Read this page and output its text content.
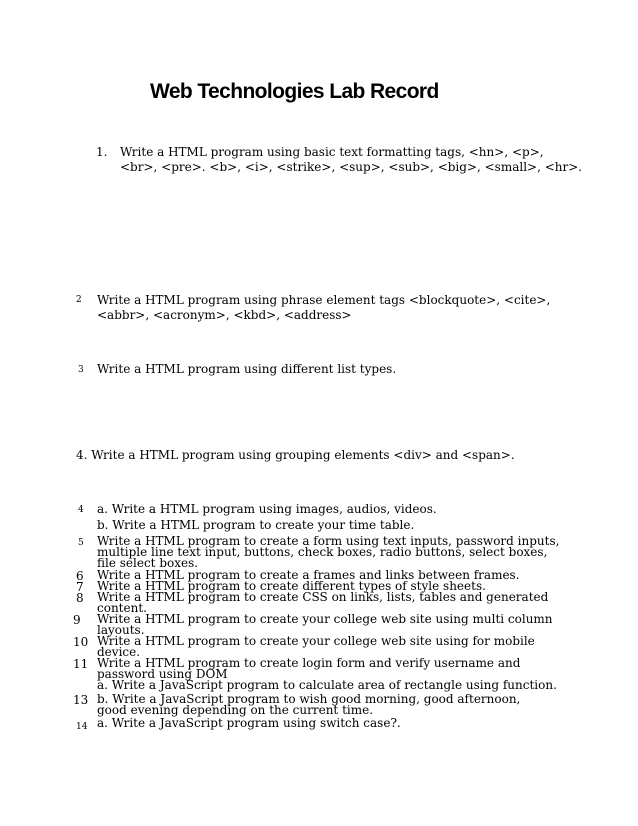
Web Technologies Lab Record
1.	Write a HTML program using basic text formatting tags, <hn>, <p>,
<br>, <pre>. <b>, <i>, <strike>, <sup>, <sub>, <big>, <small>, <hr>.
2	Write a HTML program using phrase element tags <blockquote>, <cite>,
<abbr>, <acronym>, <kbd>, <address>
3	Write a HTML program using different list types.
4. Write a HTML program using grouping elements <div> and <span>.
4	a. Write a HTML program using images, audios, videos.
b. Write a HTML program to create your time table.
5	Write a HTML program to create a form using text inputs, password inputs,
multiple line text input, buttons, check boxes, radio buttons, select boxes,
file select boxes.
6	Write a HTML program to create a frames and links between frames.
7	Write a HTML program to create different types of style sheets.
8	Write a HTML program to create CSS on links, lists, tables and generated
content.
9	Write a HTML program to create your college web site using multi column
layouts.
10 Write a HTML program to create your college web site using for mobile
device.
11 Write a HTML program to create login form and verify username and
password using DOM
a. Write a JavaScript program to calculate area of rectangle using function.
13 b. Write a JavaScript program to wish good morning, good afternoon,
good evening depending on the current time.
14 a. Write a JavaScript program using switch case?.
